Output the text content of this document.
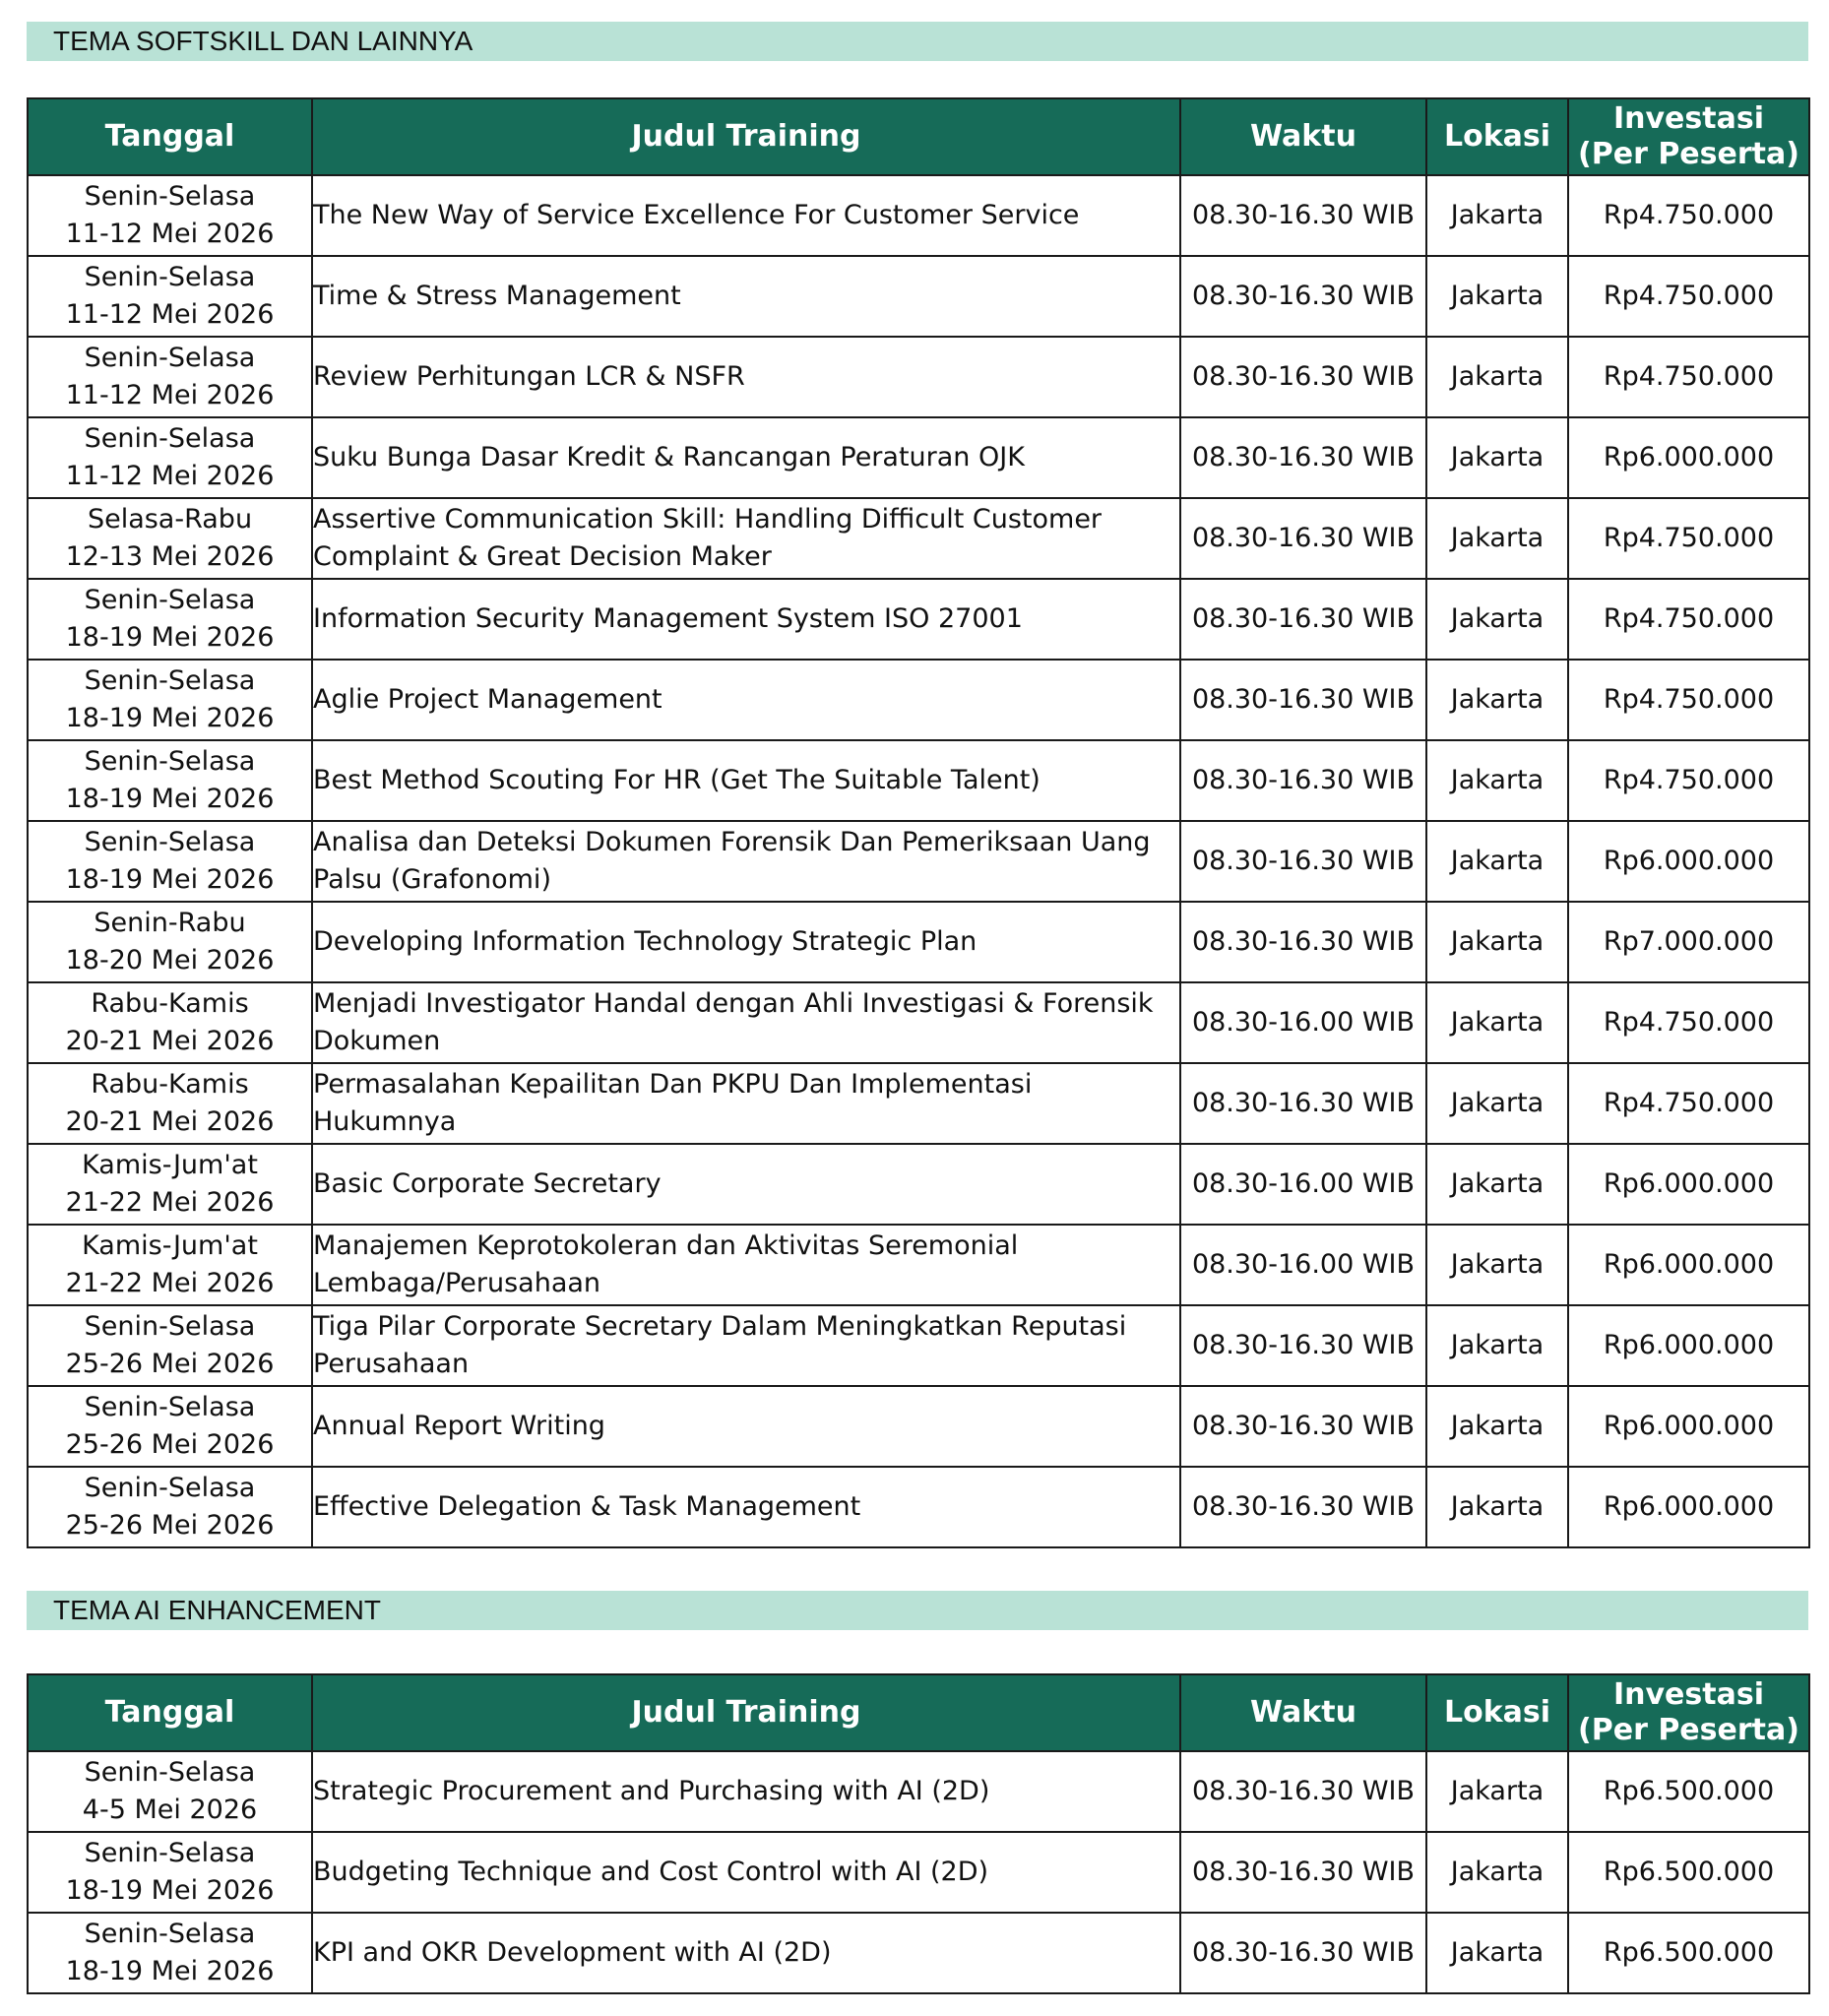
TEMA SOFTSKILL DAN LAINNYA
Tanggal	Judul Training	Waktu	Lokasi	Investasi
(Per Peserta)

Senin-Selasa
11-12 Mei 2026	The New Way of Service Excellence For Customer Service	08.30-16.30 WIB	Jakarta	Rp4.750.000

Senin-Selasa
11-12 Mei 2026	Time & Stress Management	08.30-16.30 WIB	Jakarta	Rp4.750.000

Senin-Selasa
11-12 Mei 2026	Review Perhitungan LCR & NSFR	08.30-16.30 WIB	Jakarta	Rp4.750.000

Senin-Selasa
11-12 Mei 2026	Suku Bunga Dasar Kredit & Rancangan Peraturan OJK	08.30-16.30 WIB	Jakarta	Rp6.000.000

Selasa-Rabu
12-13 Mei 2026	Assertive Communication Skill: Handling Difficult Customer Complaint & Great Decision Maker	08.30-16.30 WIB	Jakarta	Rp4.750.000

Senin-Selasa
18-19 Mei 2026	Information Security Management System ISO 27001	08.30-16.30 WIB	Jakarta	Rp4.750.000

Senin-Selasa
18-19 Mei 2026	Aglie Project Management	08.30-16.30 WIB	Jakarta	Rp4.750.000

Senin-Selasa
18-19 Mei 2026	Best Method Scouting For HR (Get The Suitable Talent)	08.30-16.30 WIB	Jakarta	Rp4.750.000

Senin-Selasa
18-19 Mei 2026	Analisa dan Deteksi Dokumen Forensik Dan Pemeriksaan Uang Palsu (Grafonomi)	08.30-16.30 WIB	Jakarta	Rp6.000.000

Senin-Rabu
18-20 Mei 2026	Developing Information Technology Strategic Plan	08.30-16.30 WIB	Jakarta	Rp7.000.000

Rabu-Kamis
20-21 Mei 2026	Menjadi Investigator Handal dengan Ahli Investigasi & Forensik Dokumen	08.30-16.00 WIB	Jakarta	Rp4.750.000

Rabu-Kamis
20-21 Mei 2026	Permasalahan Kepailitan Dan PKPU Dan Implementasi Hukumnya	08.30-16.30 WIB	Jakarta	Rp4.750.000

Kamis-Jum'at
21-22 Mei 2026	Basic Corporate Secretary	08.30-16.00 WIB	Jakarta	Rp6.000.000

Kamis-Jum'at
21-22 Mei 2026	Manajemen Keprotokoleran dan Aktivitas Seremonial Lembaga/Perusahaan	08.30-16.00 WIB	Jakarta	Rp6.000.000

Senin-Selasa
25-26 Mei 2026	Tiga Pilar Corporate Secretary Dalam Meningkatkan Reputasi Perusahaan	08.30-16.30 WIB	Jakarta	Rp6.000.000

Senin-Selasa
25-26 Mei 2026	Annual Report Writing	08.30-16.30 WIB	Jakarta	Rp6.000.000

Senin-Selasa
25-26 Mei 2026	Effective Delegation & Task Management	08.30-16.30 WIB	Jakarta	Rp6.000.000
TEMA AI ENHANCEMENT
Tanggal	Judul Training	Waktu	Lokasi	Investasi
(Per Peserta)

Senin-Selasa
4-5 Mei 2026	Strategic Procurement and Purchasing with AI (2D)	08.30-16.30 WIB	Jakarta	Rp6.500.000

Senin-Selasa
18-19 Mei 2026	Budgeting Technique and Cost Control with AI (2D)	08.30-16.30 WIB	Jakarta	Rp6.500.000

Senin-Selasa
18-19 Mei 2026	KPI and OKR Development with AI (2D)	08.30-16.30 WIB	Jakarta	Rp6.500.000
